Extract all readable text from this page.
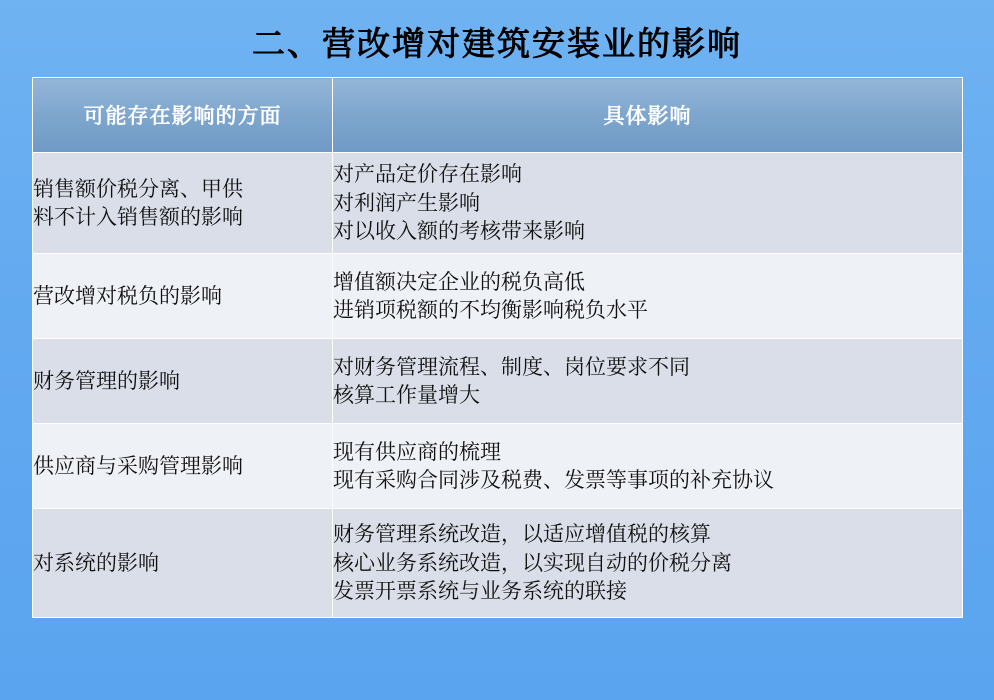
二、营改增对建筑安装业的影响
可能存在影响的方面	具体影响

销售额价税分离、甲供
料不计入销售额的影响	对产品定价存在影响
对利润产生影响
对以收入额的考核带来影响

营改增对税负的影响	增值额决定企业的税负高低
进销项税额的不均衡影响税负水平

财务管理的影响	对财务管理流程、制度、岗位要求不同
核算工作量增大

供应商与采购管理影响	现有供应商的梳理
现有采购合同涉及税费、发票等事项的补充协议

对系统的影响	财务管理系统改造，以适应增值税的核算
核心业务系统改造，以实现自动的价税分离
发票开票系统与业务系统的联接
